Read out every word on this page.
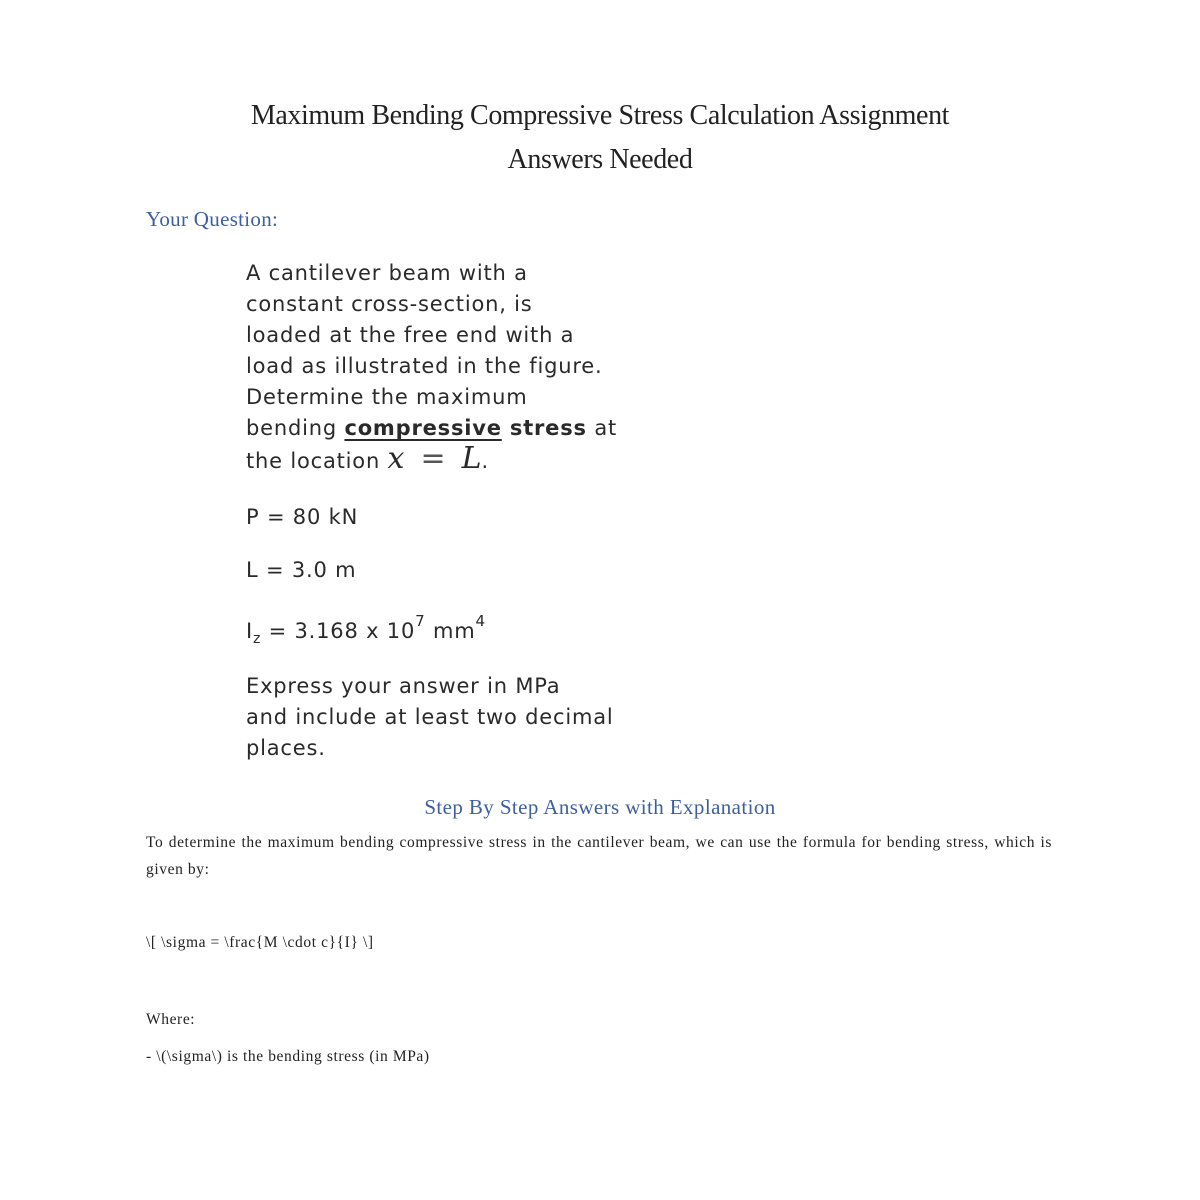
Maximum Bending Compressive Stress Calculation Assignment
Answers Needed
Your Question:
A cantilever beam with a
constant cross-section, is
loaded at the free end with a
load as illustrated in the figure.
Determine the maximum
bending compressive stress at
the location x = L.
P = 80 kN
L = 3.0 m
$I_z = 3.168$ x $10^7$ $mm^4$
Express your answer in MPa
and include at least two decimal
places.
Step By Step Answers with Explanation
To determine the maximum bending compressive stress in the cantilever beam, we can use the formula for bending stress, which is given by:
\[ \sigma = \frac{M \cdot c}{I} \]
Where:
- \(\sigma\) is the bending stress (in MPa)
